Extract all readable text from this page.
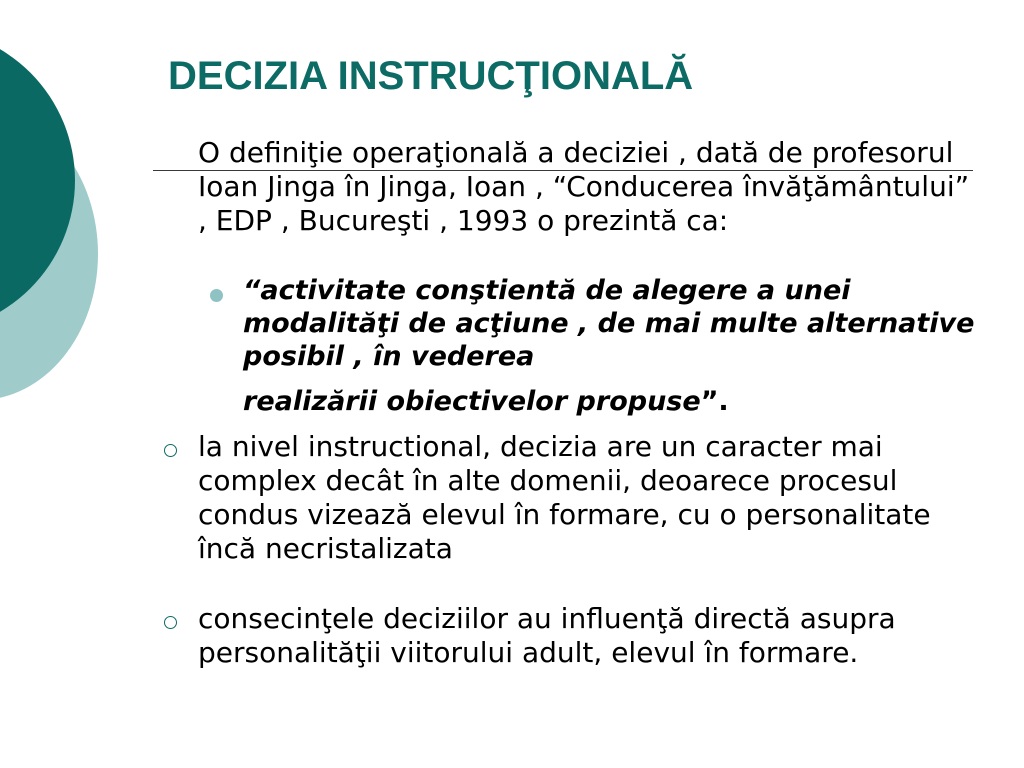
DECIZIA INSTRUCŢIONALĂ

O definiţie operaţională a deciziei , dată de profesorul Ioan Jinga în Jinga, Ioan , “Conducerea învăţământului” , EDP , Bucureşti , 1993 o prezintă ca:

“activitate conştientă de alegere a unei modalităţi de acţiune , de mai multe alternative posibil , în vederea realizării obiectivelor propuse”.

la nivel instructional, decizia are un caracter mai complex decât în alte domenii, deoarece procesul condus vizează elevul în formare, cu o personalitate încă necristalizata

consecinţele deciziilor au influenţă directă asupra personalităţii viitorului adult, elevul în formare.
